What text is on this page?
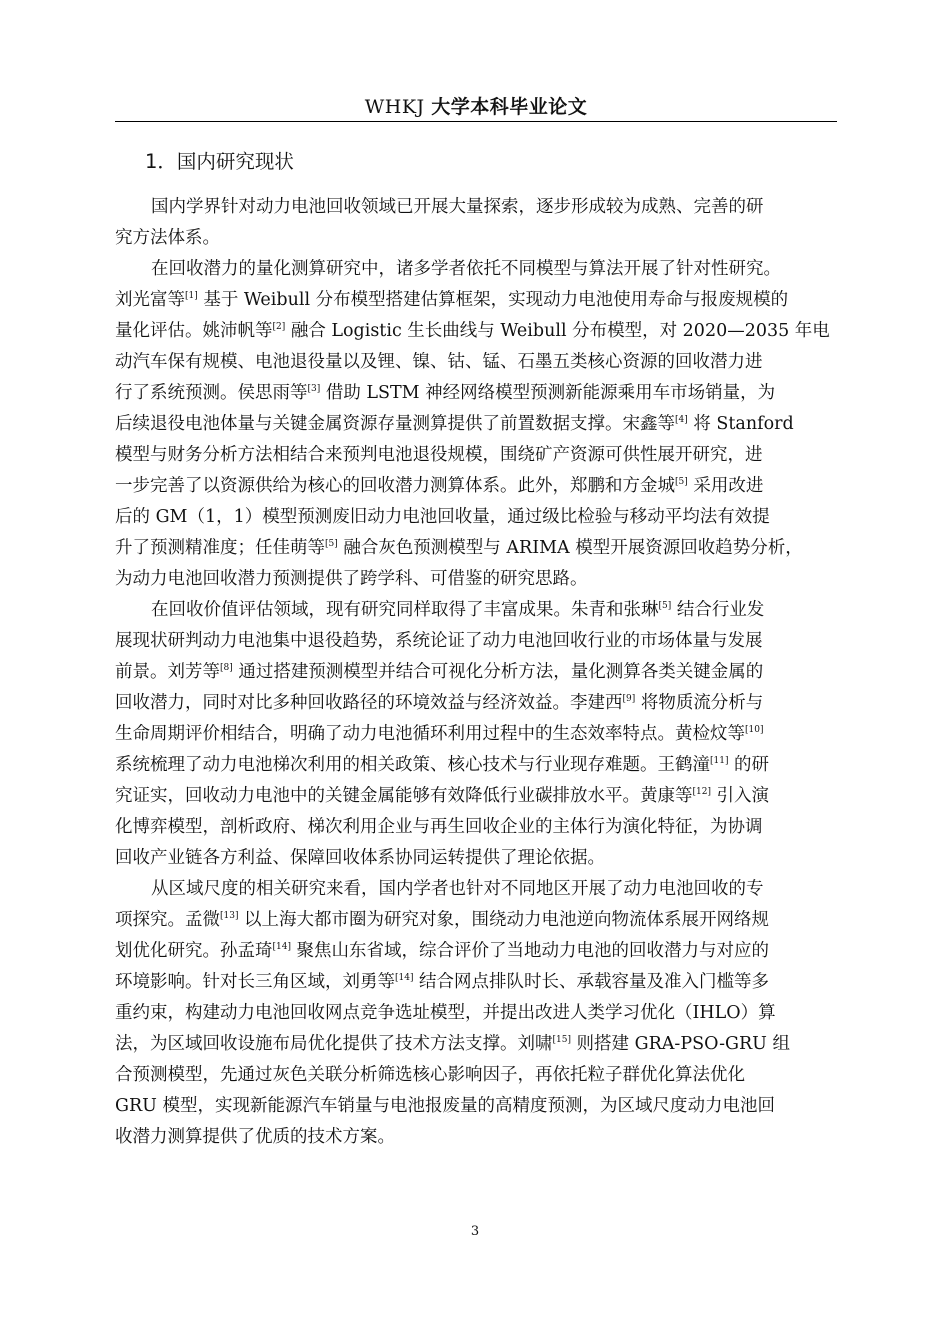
WHKJ 大学本科毕业论文
1．国内研究现状
国内学界针对动力电池回收领域已开展大量探索，逐步形成较为成熟、完善的研
究方法体系。
在回收潜力的量化测算研究中，诸多学者依托不同模型与算法开展了针对性研究。
刘光富等[1] 基于 Weibull 分布模型搭建估算框架，实现动力电池使用寿命与报废规模的
量化评估。姚沛帆等[2] 融合 Logistic 生长曲线与 Weibull 分布模型，对 2020—2035 年电
动汽车保有规模、电池退役量以及锂、镍、钴、锰、石墨五类核心资源的回收潜力进
行了系统预测。侯思雨等[3] 借助 LSTM 神经网络模型预测新能源乘用车市场销量，为
后续退役电池体量与关键金属资源存量测算提供了前置数据支撑。宋鑫等[4] 将 Stanford
模型与财务分析方法相结合来预判电池退役规模，围绕矿产资源可供性展开研究，进
一步完善了以资源供给为核心的回收潜力测算体系。此外，郑鹏和方金城[5] 采用改进
后的 GM（1，1）模型预测废旧动力电池回收量，通过级比检验与移动平均法有效提
升了预测精准度；任佳萌等[5] 融合灰色预测模型与 ARIMA 模型开展资源回收趋势分析，
为动力电池回收潜力预测提供了跨学科、可借鉴的研究思路。
在回收价值评估领域，现有研究同样取得了丰富成果。朱青和张琳[5] 结合行业发
展现状研判动力电池集中退役趋势，系统论证了动力电池回收行业的市场体量与发展
前景。刘芳等[8] 通过搭建预测模型并结合可视化分析方法，量化测算各类关键金属的
回收潜力，同时对比多种回收路径的环境效益与经济效益。李建西[9] 将物质流分析与
生命周期评价相结合，明确了动力电池循环利用过程中的生态效率特点。黄检炆等[10]
系统梳理了动力电池梯次利用的相关政策、核心技术与行业现存难题。王鹤潼[11] 的研
究证实，回收动力电池中的关键金属能够有效降低行业碳排放水平。黄康等[12] 引入演
化博弈模型，剖析政府、梯次利用企业与再生回收企业的主体行为演化特征，为协调
回收产业链各方利益、保障回收体系协同运转提供了理论依据。
从区域尺度的相关研究来看，国内学者也针对不同地区开展了动力电池回收的专
项探究。孟微[13] 以上海大都市圈为研究对象，围绕动力电池逆向物流体系展开网络规
划优化研究。孙孟琦[14] 聚焦山东省域，综合评价了当地动力电池的回收潜力与对应的
环境影响。针对长三角区域，刘勇等[14] 结合网点排队时长、承载容量及准入门槛等多
重约束，构建动力电池回收网点竞争选址模型，并提出改进人类学习优化（IHLO）算
法，为区域回收设施布局优化提供了技术方法支撑。刘啸[15] 则搭建 GRA-PSO-GRU 组
合预测模型，先通过灰色关联分析筛选核心影响因子，再依托粒子群优化算法优化
GRU 模型，实现新能源汽车销量与电池报废量的高精度预测，为区域尺度动力电池回
收潜力测算提供了优质的技术方案。
3
